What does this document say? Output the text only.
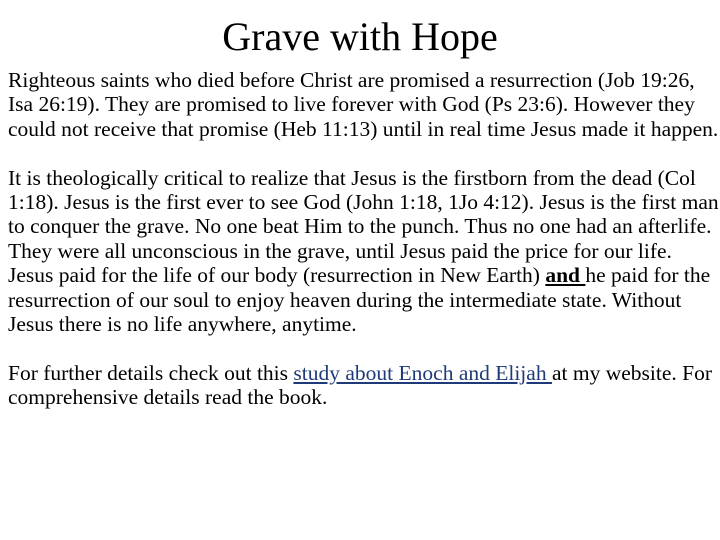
Grave with Hope

Righteous saints who died before Christ are promised a resurrection (Job 19:26, Isa 26:19). They are promised to live forever with God (Ps 23:6). However they could not receive that promise (Heb 11:13) until in real time Jesus made it happen.

It is theologically critical to realize that Jesus is the firstborn from the dead (Col 1:18). Jesus is the first ever to see God (John 1:18, 1Jo 4:12). Jesus is the first man to conquer the grave. No one beat Him to the punch. Thus no one had an afterlife. They were all unconscious in the grave, until Jesus paid the price for our life. Jesus paid for the life of our body (resurrection in New Earth) and he paid for the resurrection of our soul to enjoy heaven during the intermediate state. Without Jesus there is no life anywhere, anytime.

For further details check out this study about Enoch and Elijah at my website. For comprehensive details read the book.
